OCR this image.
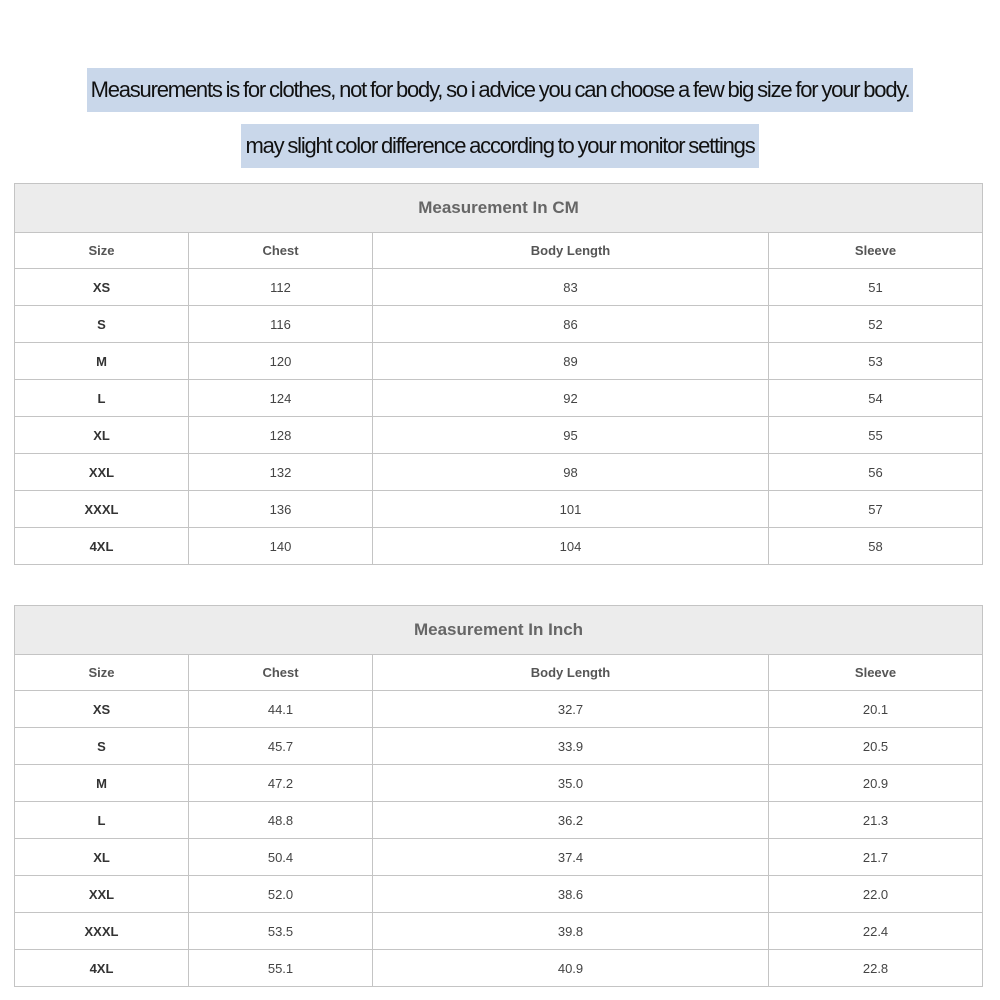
Measurements is for clothes, not for body, so i advice you can choose a few big size for your body.
may slight color difference according to your monitor settings
Measurement In CM			
Size	Chest	Body Length	Sleeve
XS	112	83	51
S	116	86	52
M	120	89	53
L	124	92	54
XL	128	95	55
XXL	132	98	56
XXXL	136	101	57
4XL	140	104	58
Measurement In Inch			
Size	Chest	Body Length	Sleeve
XS	44.1	32.7	20.1
S	45.7	33.9	20.5
M	47.2	35.0	20.9
L	48.8	36.2	21.3
XL	50.4	37.4	21.7
XXL	52.0	38.6	22.0
XXXL	53.5	39.8	22.4
4XL	55.1	40.9	22.8
